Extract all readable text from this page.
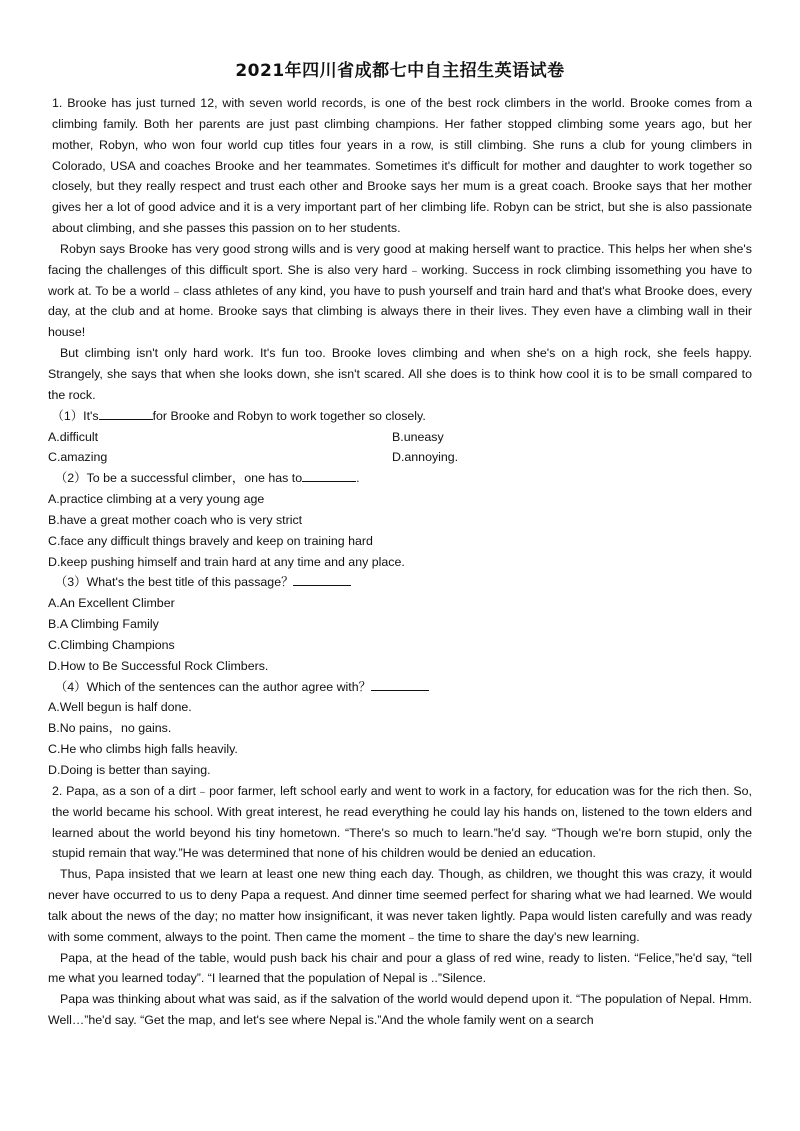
2021年四川省成都七中自主招生英语试卷

1. Brooke has just turned 12, with seven world records, is one of the best rock climbers in the world. Brooke comes from a climbing family. Both her parents are just past climbing champions. Her father stopped climbing some years ago, but her mother, Robyn, who won four world cup titles four years in a row, is still climbing. She runs a club for young climbers in Colorado, USA and coaches Brooke and her teammates. Sometimes it's difficult for mother and daughter to work together so closely, but they really respect and trust each other and Brooke says her mum is a great coach. Brooke says that her mother gives her a lot of good advice and it is a very important part of her climbing life. Robyn can be strict, but she is also passionate about climbing, and she passes this passion on to her students.

Robyn says Brooke has very good strong wills and is very good at making herself want to practice. This helps her when she's facing the challenges of this difficult sport. She is also very hard﹣working. Success in rock climbing issomething you have to work at. To be a world﹣class athletes of any kind, you have to push yourself and train hard and that's what Brooke does, every day, at the club and at home. Brooke says that climbing is always there in their lives. They even have a climbing wall in their house!

But climbing isn't only hard work. It's fun too. Brooke loves climbing and when she's on a high rock, she feels happy. Strangely, she says that when she looks down, she isn't scared. All she does is to think how cool it is to be small compared to the rock.

（1）It's	for Brooke and Robyn to work together so closely.

A.difficult	B.uneasy
C.amazing	D.annoying.

（2）To be a successful climber，one has to	.

A.practice climbing at a very young age
B.have a great mother coach who is very strict
C.face any difficult things bravely and keep on training hard
D.keep pushing himself and train hard at any time and any place.

（3）What's the best title of this passage？

A.An Excellent Climber
B.A Climbing Family
C.Climbing Champions
D.How to Be Successful Rock Climbers.

（4）Which of the sentences can the author agree with？

A.Well begun is half done.
B.No pains，no gains.
C.He who climbs high falls heavily.
D.Doing is better than saying.

2. Papa, as a son of a dirt﹣poor farmer, left school early and went to work in a factory, for education was for the rich then. So, the world became his school. With great interest, he read everything he could lay his hands on, listened to the town elders and learned about the world beyond his tiny hometown. “There's so much to learn.”he'd say. “Though we're born stupid, only the stupid remain that way.”He was determined that none of his children would be denied an education.

Thus, Papa insisted that we learn at least one new thing each day. Though, as children, we thought this was crazy, it would never have occurred to us to deny Papa a request. And dinner time seemed perfect for sharing what we had learned. We would talk about the news of the day; no matter how insignificant, it was never taken lightly. Papa would listen carefully and was ready with some comment, always to the point. Then came the moment﹣the time to share the day's new learning.

Papa, at the head of the table, would push back his chair and pour a glass of red wine, ready to listen. “Felice,”he'd say, “tell me what you learned today”. “I learned that the population of Nepal is ..”Silence.

Papa was thinking about what was said, as if the salvation of the world would depend upon it. “The population of Nepal. Hmm. Well…”he'd say. “Get the map, and let's see where Nepal is.”And the whole family went on a search
